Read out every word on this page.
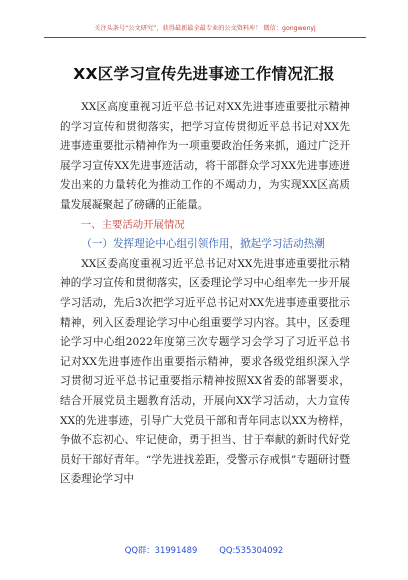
关注头条号“公文研究”，获得最新最全最专业的公文资料库！ 微信：gongwenyj
XX区学习宣传先进事迹工作情况汇报

XX区高度重视习近平总书记对XX先进事迹重要批示精神的学习宣传和贯彻落实，把学习宣传贯彻近平总书记对XX先进事迹重要批示精神作为一项重要政治任务来抓，通过广泛开展学习宣传XX先进事迹活动，将干部群众学习XX先进事迹迸发出来的力量转化为推动工作的不竭动力，为实现XX区高质量发展凝聚起了磅礴的正能量。

一、主要活动开展情况

（一）发挥理论中心组引领作用，掀起学习活动热潮

XX区委高度重视习近平总书记对XX先进事迹重要批示精神的学习宣传和贯彻落实，区委理论学习中心组率先一步开展学习活动，先后3次把学习近平总书记对XX先进事迹重要批示精神，列入区委理论学习中心组重要学习内容。其中，区委理论学习中心组2022年度第三次专题学习会学习了习近平总书记对XX先进事迹作出重要指示精神，要求各级党组织深入学习贯彻习近平总书记重要指示精神按照XX省委的部署要求，结合开展党员主题教育活动，开展向XX学习活动，大力宣传XX的先进事迹，引导广大党员干部和青年同志以XX为榜样，争做不忘初心、牢记使命，勇于担当、甘于奉献的新时代好党员好干部好青年。“学先进找差距，受警示存戒惧”专题研讨暨区委理论学习中

QQ群：31991489	QQ:535304092
